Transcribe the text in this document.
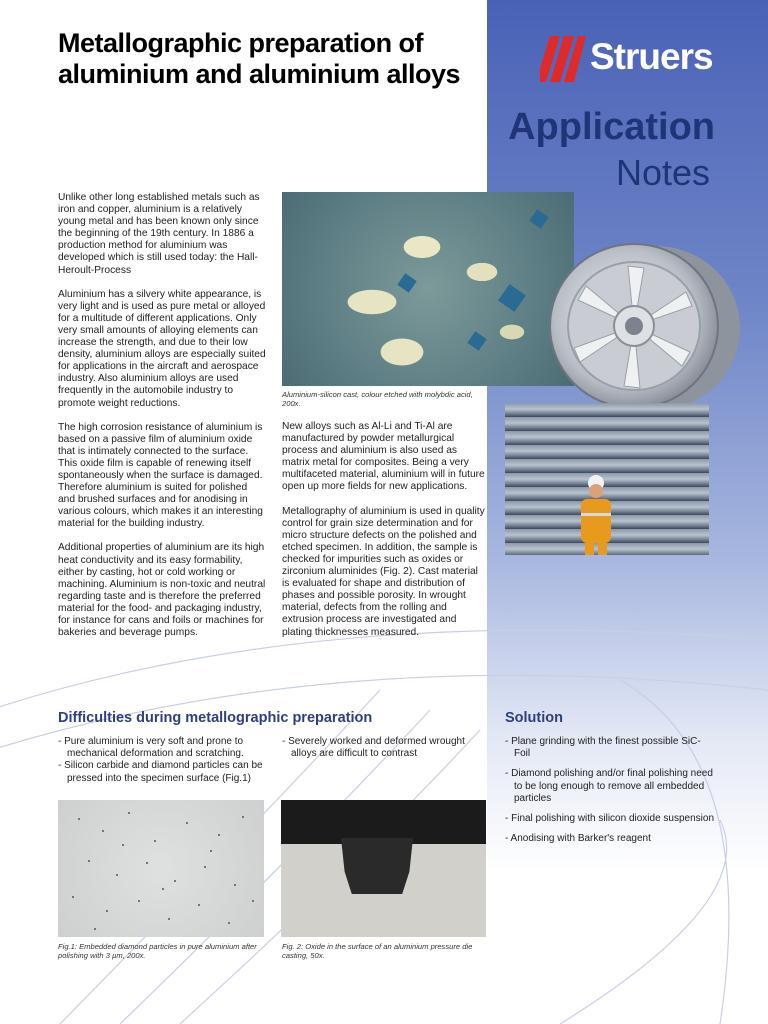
Metallographic preparation of aluminium and aluminium alloys	Struers
Application
Notes

Unlike other long established metals such as iron and copper, aluminium is a relatively young metal and has been known only since the beginning of the 19th century. In 1886 a production method for aluminium was developed which is still used today: the Hall-Heroult-Process

Aluminium has a silvery white appearance, is very light and is used as pure metal or alloyed for a multitude of different applications. Only very small amounts of alloying elements can increase the strength, and due to their low density, aluminium alloys are especially suited for applications in the aircraft and aerospace industry. Also aluminium alloys are used frequently in the automobile industry to promote weight reductions.

The high corrosion resistance of aluminium is based on a passive film of aluminium oxide that is intimately connected to the surface. This oxide film is capable of renewing itself spontaneously when the surface is damaged. Therefore aluminium is suited for polished and brushed surfaces and for anodising in various colours, which makes it an interesting material for the building industry.

Additional properties of aluminium are its high heat conductivity and its easy formability, either by casting, hot or cold working or machining. Aluminium is non-toxic and neutral regarding taste and is therefore the preferred material for the food- and packaging industry, for instance for cans and foils or machines for bakeries and beverage pumps.

Aluminium-silicon cast, colour etched with molybdic acid, 200x.

New alloys such as Al-Li and Ti-Al are manufactured by powder metallurgical process and aluminium is also used as matrix metal for composites. Being a very multifaceted material, aluminium will in future open up more fields for new applications.

Metallography of aluminium is used in quality control for grain size determination and for micro structure defects on the polished and etched specimen. In addition, the sample is checked for impurities such as oxides or zirconium aluminides (Fig. 2). Cast material is evaluated for shape and distribution of phases and possible porosity. In wrought material, defects from the rolling and extrusion process are investigated and plating thicknesses measured.

Difficulties during metallographic preparation
- Pure aluminium is very soft and prone to mechanical deformation and scratching.
- Silicon carbide and diamond particles can be pressed into the specimen surface (Fig.1)
- Severely worked and deformed wrought alloys are difficult to contrast
Solution
- Plane grinding with the finest possible SiC-Foil
- Diamond polishing and/or final polishing need to be long enough to remove all embedded particles
- Final polishing with silicon dioxide suspension
- Anodising with Barker's reagent
Fig.1: Embedded diamond particles in pure aluminium after polishing with 3 µm, 200x.
Fig. 2: Oxide in the surface of an aluminium pressure die casting, 50x.
